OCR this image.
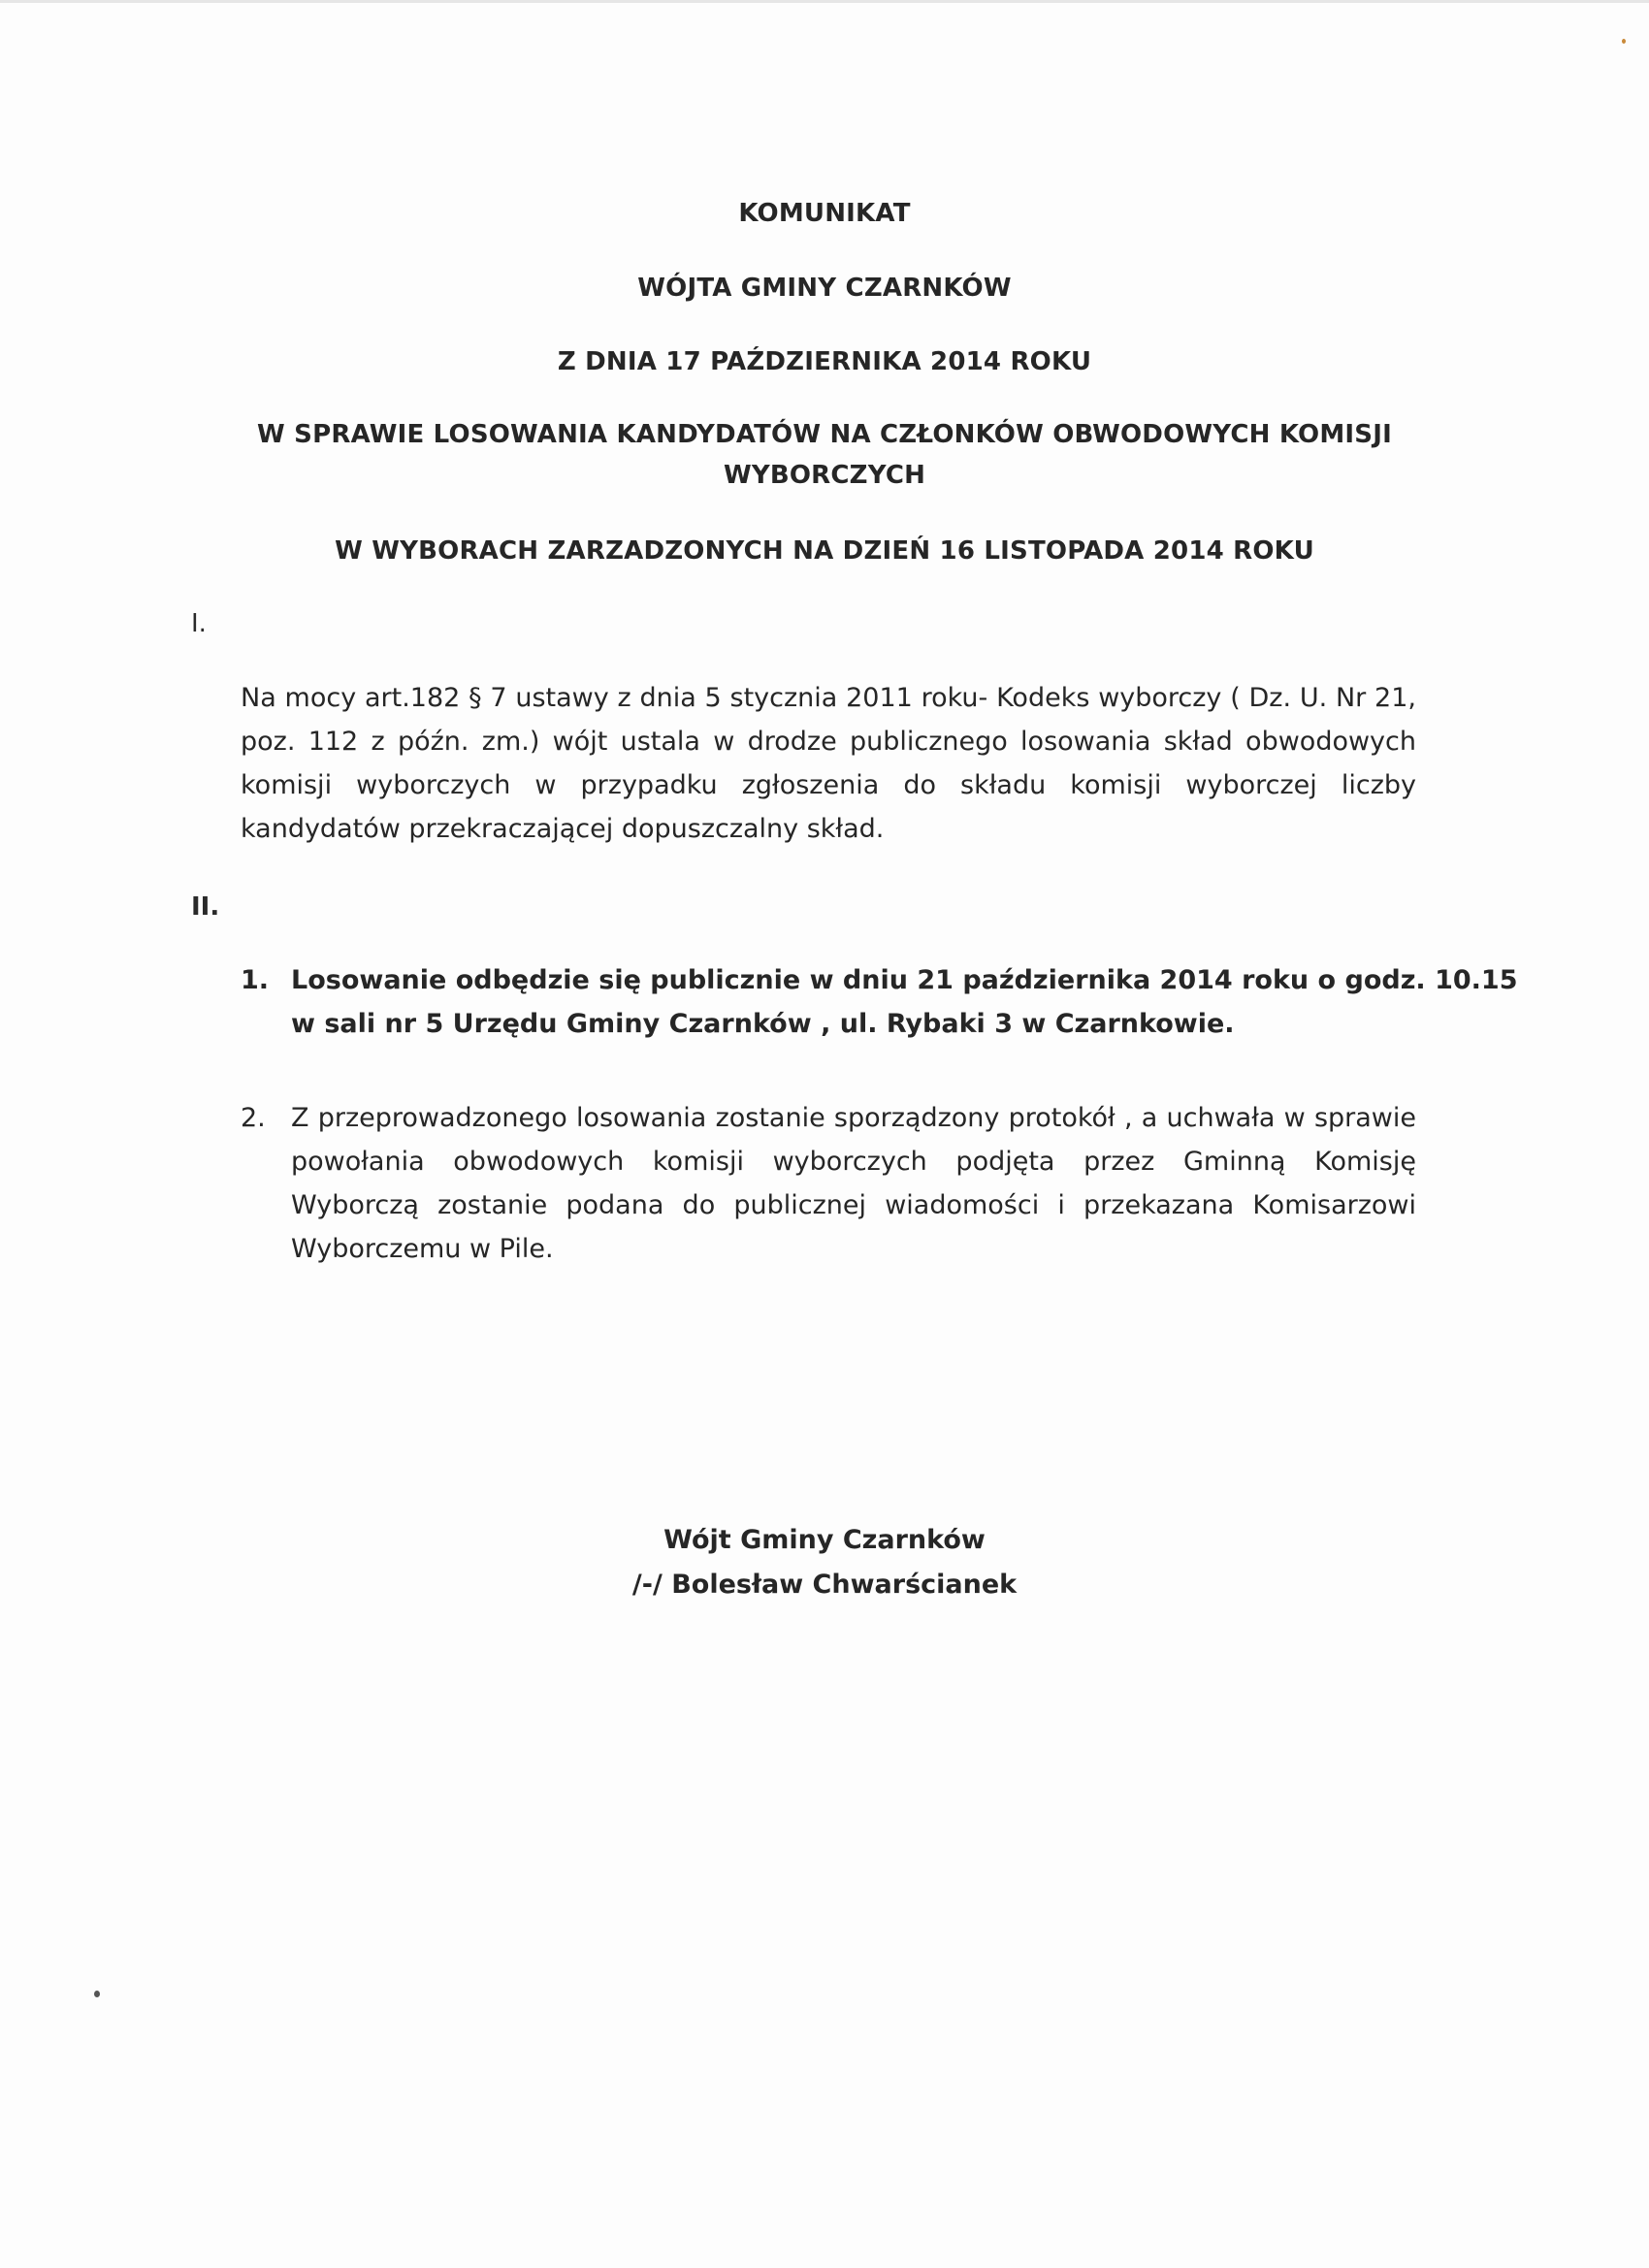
KOMUNIKAT
WÓJTA GMINY CZARNKÓW
Z DNIA 17 PAŹDZIERNIKA 2014 ROKU
W SPRAWIE LOSOWANIA KANDYDATÓW NA CZŁONKÓW OBWODOWYCH KOMISJI
WYBORCZYCH
W WYBORACH ZARZADZONYCH NA DZIEŃ 16 LISTOPADA 2014 ROKU
I.
Na mocy art.182 § 7 ustawy z dnia 5 stycznia 2011 roku- Kodeks wyborczy ( Dz. U. Nr 21,
poz. 112 z późn. zm.) wójt ustala w drodze publicznego losowania skład obwodowych
komisji wyborczych w przypadku zgłoszenia do składu komisji wyborczej liczby
kandydatów przekraczającej dopuszczalny skład.
II.
1. Losowanie odbędzie się publicznie w dniu 21 października 2014 roku o godz. 10.15
w sali nr 5 Urzędu Gminy Czarnków , ul. Rybaki 3 w Czarnkowie.
2. Z przeprowadzonego losowania zostanie sporządzony protokół , a uchwała w sprawie
powołania obwodowych komisji wyborczych podjęta przez Gminną Komisję
Wyborczą zostanie podana do publicznej wiadomości i przekazana Komisarzowi
Wyborczemu w Pile.
Wójt Gminy Czarnków
/-/ Bolesław Chwarścianek
